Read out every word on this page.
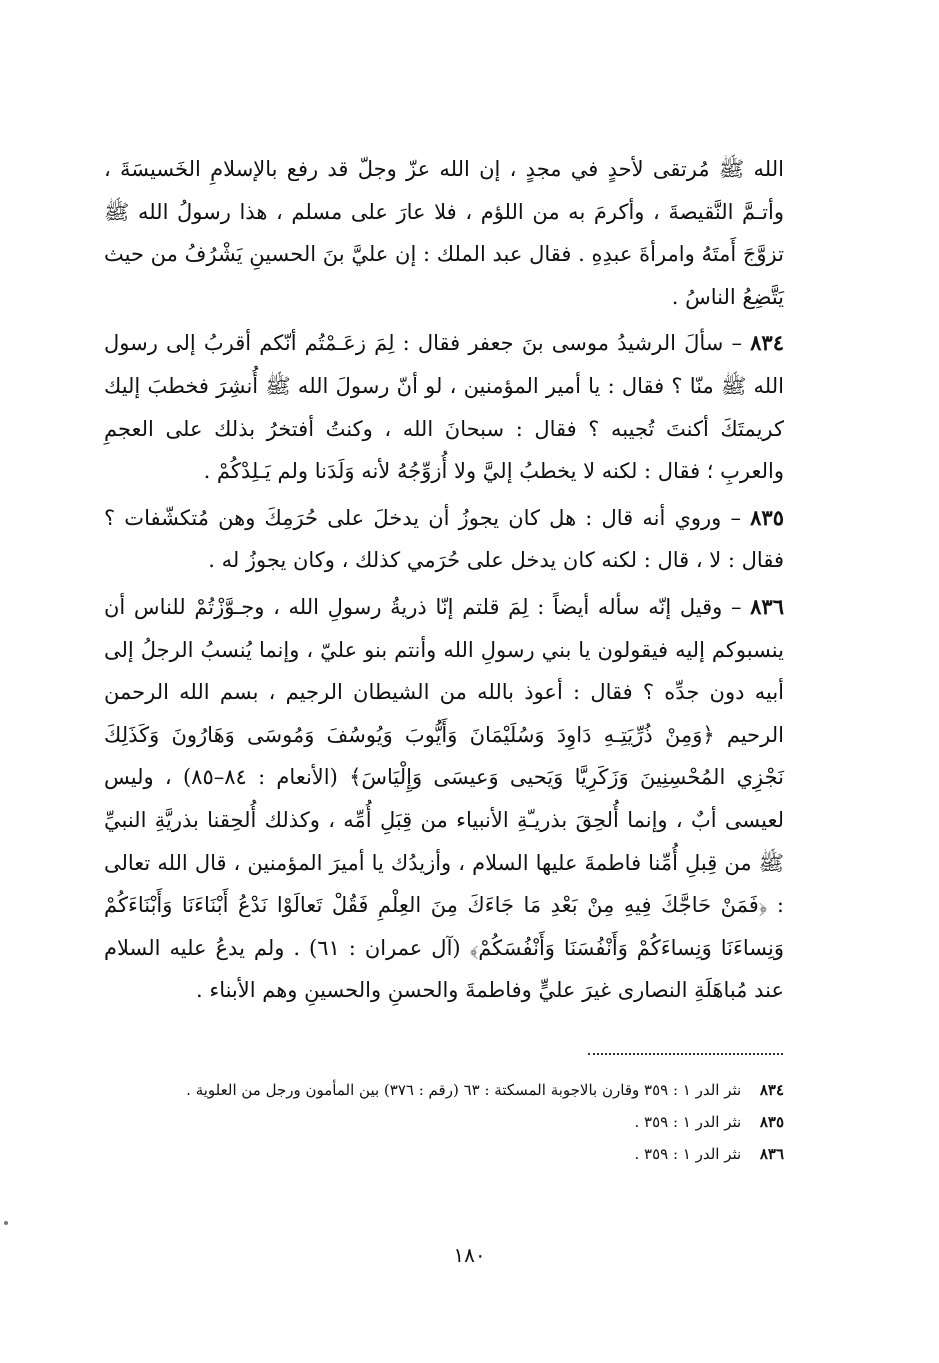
الله ﷺ مُرتقى لأحدٍ في مجدٍ ، إن الله عزّ وجلّ قد رفع بالإسلامِ الخَسيسَةَ ، وأتـمَّ النَّقيصةَ ، وأكرمَ به من اللؤم ، فلا عارَ على مسلم ، هذا رسولُ الله ﷺ تزوَّجَ أَمتَهُ وامرأةَ عبدِهِ . فقال عبد الملك : إن عليَّ بنَ الحسينِ يَشْرُفُ من حيث يَتَّضِعُ الناسُ .

٨٣٤ – سألَ الرشيدُ موسى بنَ جعفر فقال : لِمَ زعَـمْتُم أنّكم أقربُ إلى رسول الله ﷺ منّا ؟ فقال : يا أمير المؤمنين ، لو أنّ رسولَ الله ﷺ أُنشِرَ فخطبَ إليك كريمتَكَ أكنتَ تُجيبه ؟ فقال : سبحانَ الله ، وكنتُ أفتخرُ بذلك على العجمِ والعربِ ؛ فقال : لكنه لا يخطبُ إليَّ ولا أُزوِّجُهُ لأنه وَلَدَنا ولم يَـلِدْكُمْ .

٨٣٥ – وروي أنه قال : هل كان يجوزُ أن يدخلَ على حُرَمِكَ وهن مُتكشّفات ؟ فقال : لا ، قال : لكنه كان يدخل على حُرَمي كذلك ، وكان يجوزُ له .

٨٣٦ – وقيل إنّه سأله أيضاً : لِمَ قلتم إنّا ذريةُ رسولِ الله ، وجـوَّزْتُمْ للناس أن ينسبوكم إليه فيقولون يا بني رسولِ الله وأنتم بنو عليّ ، وإنما يُنسبُ الرجلُ إلى أبيه دون جدِّه ؟ فقال : أعوذ بالله من الشيطان الرجيم ، بسم الله الرحمن الرحيم ﴿وَمِنْ ذُرِّيَتِـهِ دَاوِدَ وَسُلَيْمَانَ وَأَيُّوبَ وَيُوسُفَ وَمُوسَى وَهَارُونَ وَكَذَلِكَ نَجْزِي المُحْسِنِينَ وَزَكَرِيَّا وَيَحيى وَعيسَى وَإِلْيَاسَ﴾ (الأنعام : ٨٤–٨٥) ، وليس لعيسى أبٌ ، وإنما أُلحِقَ بذريـّةِ الأنبياء من قِبَلِ أُمِّه ، وكذلك أُلحِقنا بذريَّةِ النبيِّ ﷺ من قِبلِ أُمِّنا فاطمةَ عليها السلام ، وأزيدُك يا أميرَ المؤمنين ، قال الله تعالى : ﴿فَمَنْ حَاجَّكَ فِيهِ مِنْ بَعْدِ مَا جَاءَكَ مِنَ العِلْمِ فَقُلْ تَعالَوْا نَدْعُ أَبْنَاءَنَا وَأَبْنَاءَكُمْ وَنِساءَنَا وَنِساءَكُمْ وَأَنْفُسَنَا وَأَنْفُسَكُمْ﴾ (آل عمران : ٦١) . ولم يدعُ عليه السلام عند مُباهَلَةِ النصارى غيرَ عليٍّ وفاطمةَ والحسنِ والحسينِ وهم الأبناء .

٨٣٤ نثر الدر ١ : ٣٥٩ وقارن بالاجوبة المسكتة : ٦٣ (رقم : ٣٧٦) بين المأمون ورجل من العلوية .

٨٣٥ نثر الدر ١ : ٣٥٩ .

٨٣٦ نثر الدر ١ : ٣٥٩ .

١٨٠
